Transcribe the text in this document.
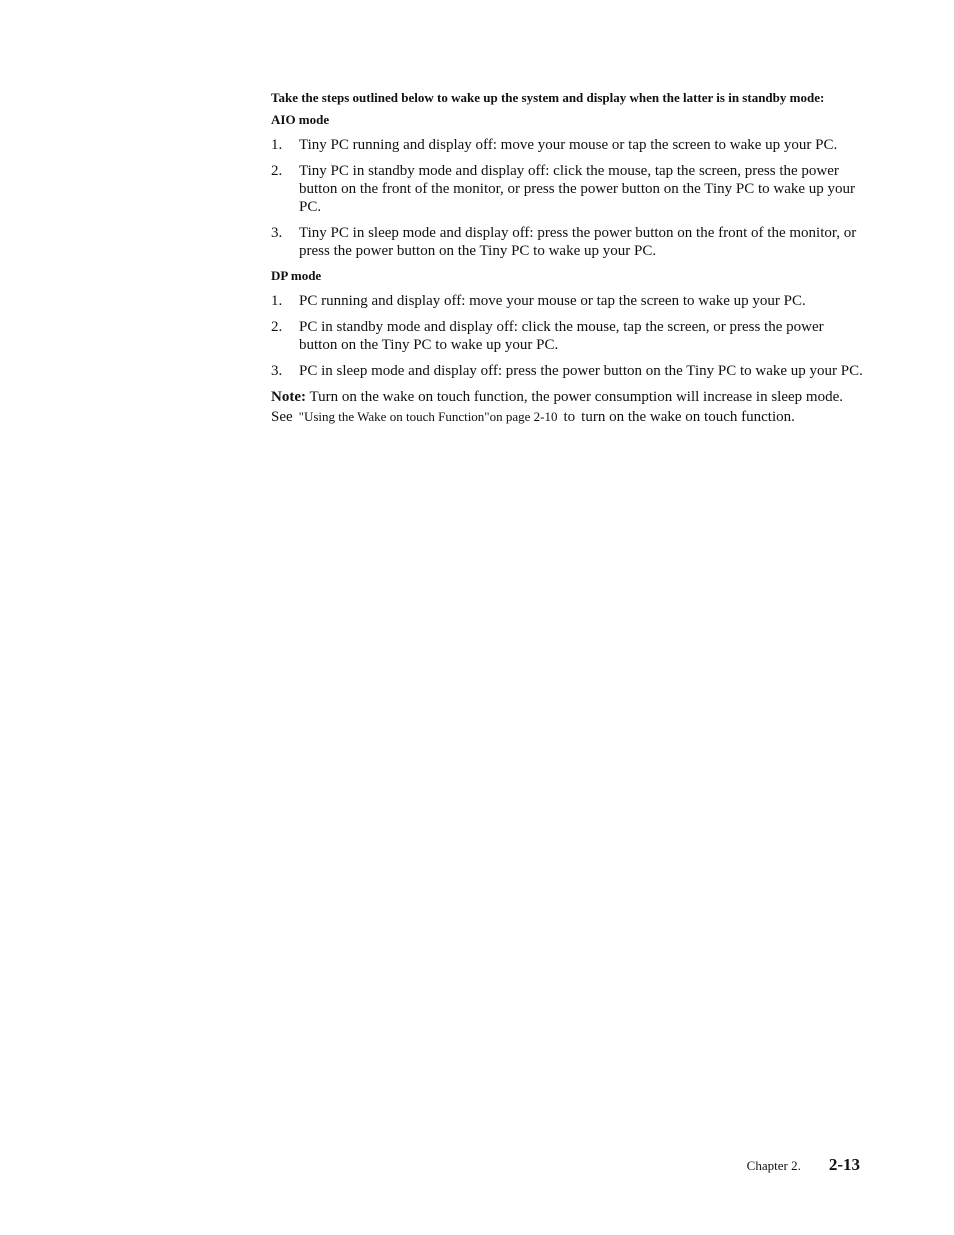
Take the steps outlined below to wake up the system and display when the latter is in standby mode:

AIO mode

1.	Tiny PC running and display off: move your mouse or tap the screen to wake up your PC.
2.	Tiny PC in standby mode and display off: click the mouse, tap the screen, press the power button on the front of the monitor, or press the power button on the Tiny PC to wake up your PC.
3.	Tiny PC in sleep mode and display off: press the power button on the front of the monitor, or press the power button on the Tiny PC to wake up your PC.

DP mode

1.	PC running and display off: move your mouse or tap the screen to wake up your PC.
2.	PC in standby mode and display off: click the mouse, tap the screen, or press the power button on the Tiny PC to wake up your PC.
3.	PC in sleep mode and display off: press the power button on the Tiny PC to wake up your PC.

Note: Turn on the wake on touch function, the power consumption will increase in sleep mode.

See "Using the Wake on touch Function"on page 2-10 to turn on the wake on touch function.

Chapter 2. 2-13
